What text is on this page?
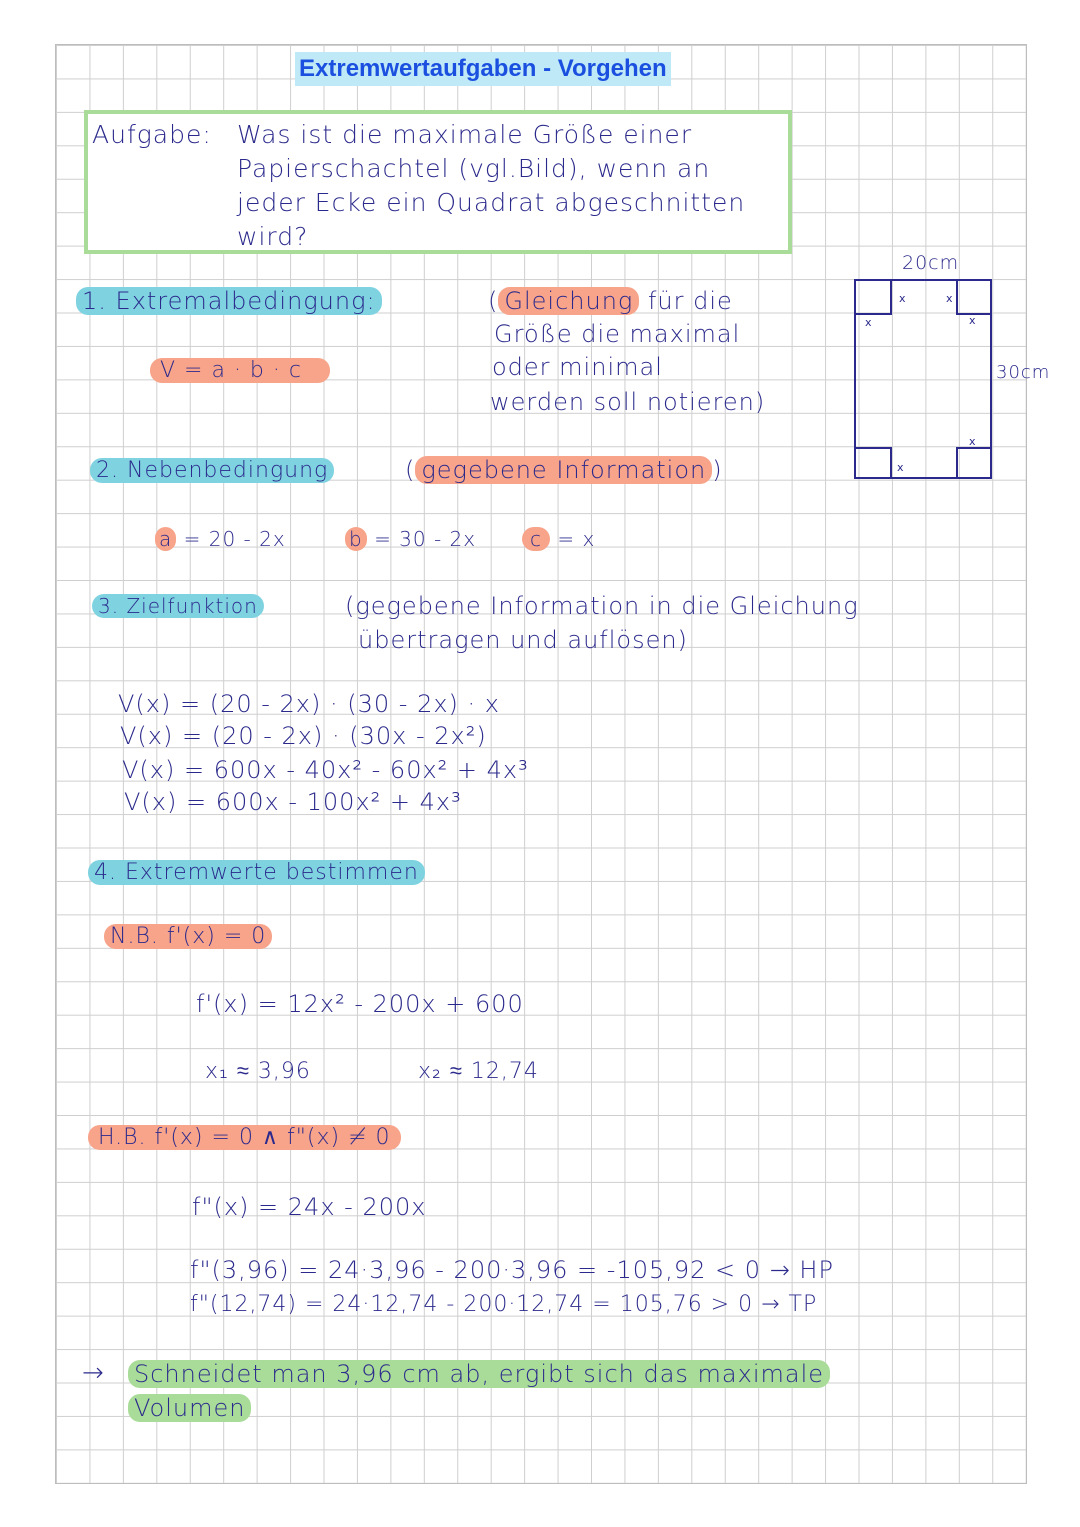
Extremwertaufgaben - Vorgehen
Aufgabe: Was ist die maximale Größe einer
Papierschachtel (vgl.Bild), wenn an
jeder Ecke ein Quadrat abgeschnitten
wird?
20cm
30cm
x	x
x	x
x
x
1. Extremalbedingung:	( Gleichung für die
Größe die maximal
oder minimal
werden soll notieren)
V = a · b · c
2. Nebenbedingung	( gegebene Information )
a = 20 - 2x	b = 30 - 2x	c = x
3. Zielfunktion	(gegebene Information in die Gleichung
übertragen und auflösen)
V(x) = (20 - 2x) · (30 - 2x) · x
V(x) = (20 - 2x) · (30x - 2x²)
V(x) = 600x - 40x² - 60x² + 4x³
V(x) = 600x - 100x² + 4x³
4. Extremwerte bestimmen
N.B. f'(x) = 0
f'(x) = 12x² - 200x + 600
x₁ ≈ 3,96	x₂ ≈ 12,74
H.B. f'(x) = 0 ∧ f"(x) ≠ 0
f"(x) = 24x - 200x
f"(3,96) = 24·3,96 - 200·3,96 = -105,92 < 0 → HP
f"(12,74) = 24·12,74 - 200·12,74 = 105,76 > 0 → TP
→ Schneidet man 3,96 cm ab, ergibt sich das maximale
Volumen
